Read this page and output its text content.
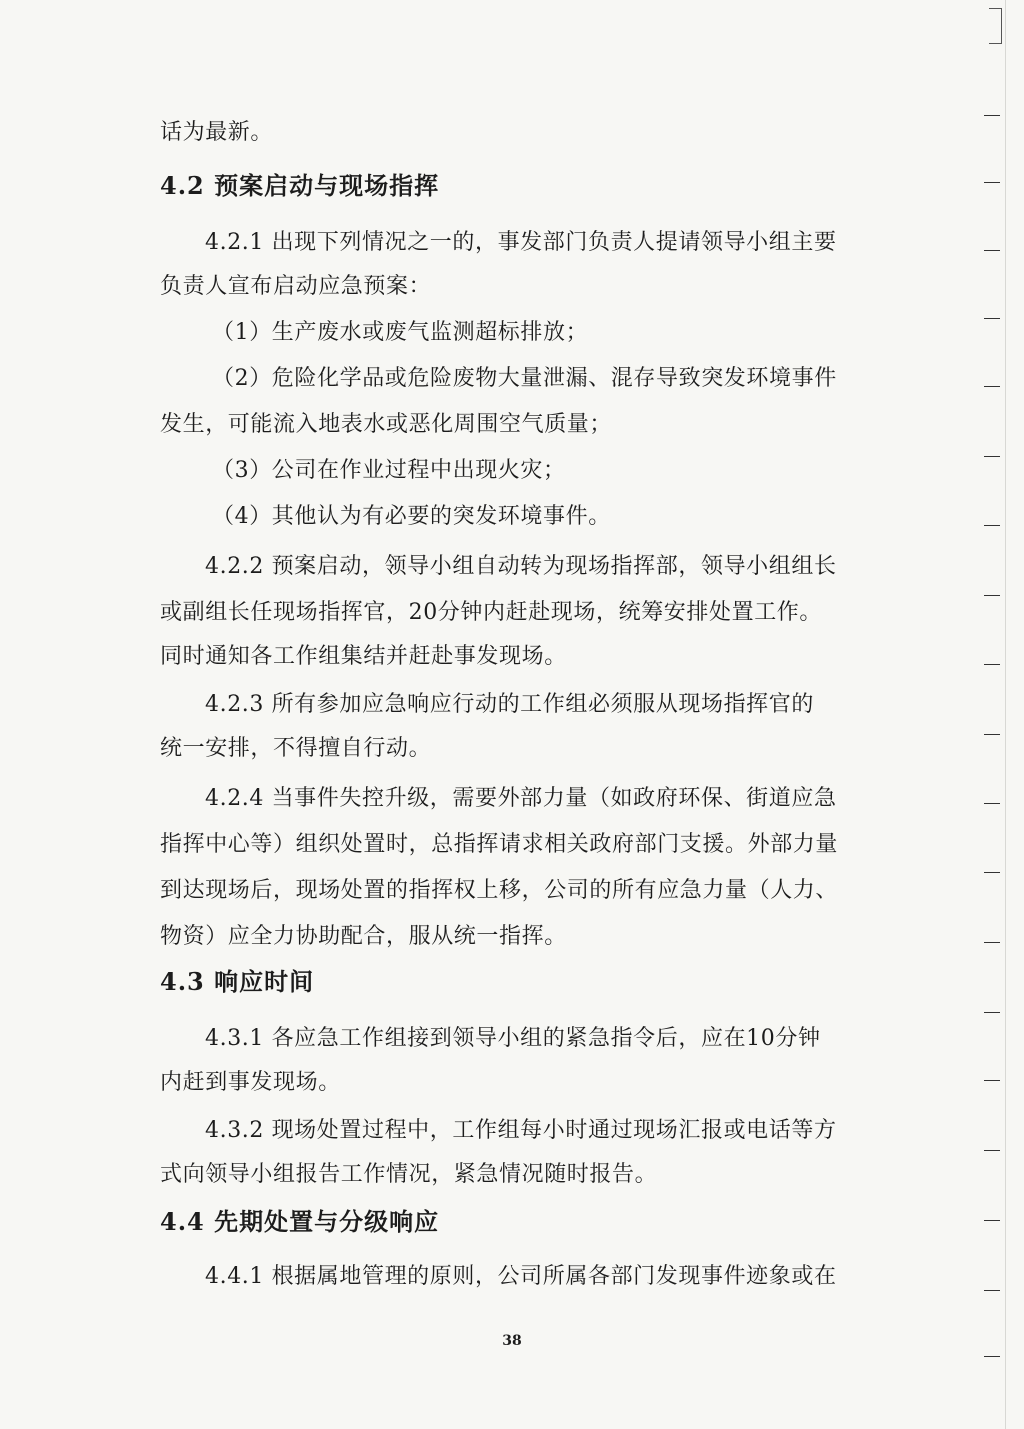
话为最新。
4.2 预案启动与现场指挥
4.2.1 出现下列情况之一的，事发部门负责人提请领导小组主要
负责人宣布启动应急预案：
（1）生产废水或废气监测超标排放；
（2）危险化学品或危险废物大量泄漏、混存导致突发环境事件
发生，可能流入地表水或恶化周围空气质量；
（3）公司在作业过程中出现火灾；
（4）其他认为有必要的突发环境事件。
4.2.2 预案启动，领导小组自动转为现场指挥部，领导小组组长
或副组长任现场指挥官，20分钟内赶赴现场，统筹安排处置工作。
同时通知各工作组集结并赶赴事发现场。
4.2.3 所有参加应急响应行动的工作组必须服从现场指挥官的
统一安排，不得擅自行动。
4.2.4 当事件失控升级，需要外部力量（如政府环保、街道应急
指挥中心等）组织处置时，总指挥请求相关政府部门支援。外部力量
到达现场后，现场处置的指挥权上移，公司的所有应急力量（人力、
物资）应全力协助配合，服从统一指挥。
4.3 响应时间
4.3.1 各应急工作组接到领导小组的紧急指令后，应在10分钟
内赶到事发现场。
4.3.2 现场处置过程中，工作组每小时通过现场汇报或电话等方
式向领导小组报告工作情况，紧急情况随时报告。
4.4 先期处置与分级响应
4.4.1 根据属地管理的原则，公司所属各部门发现事件迹象或在
38
